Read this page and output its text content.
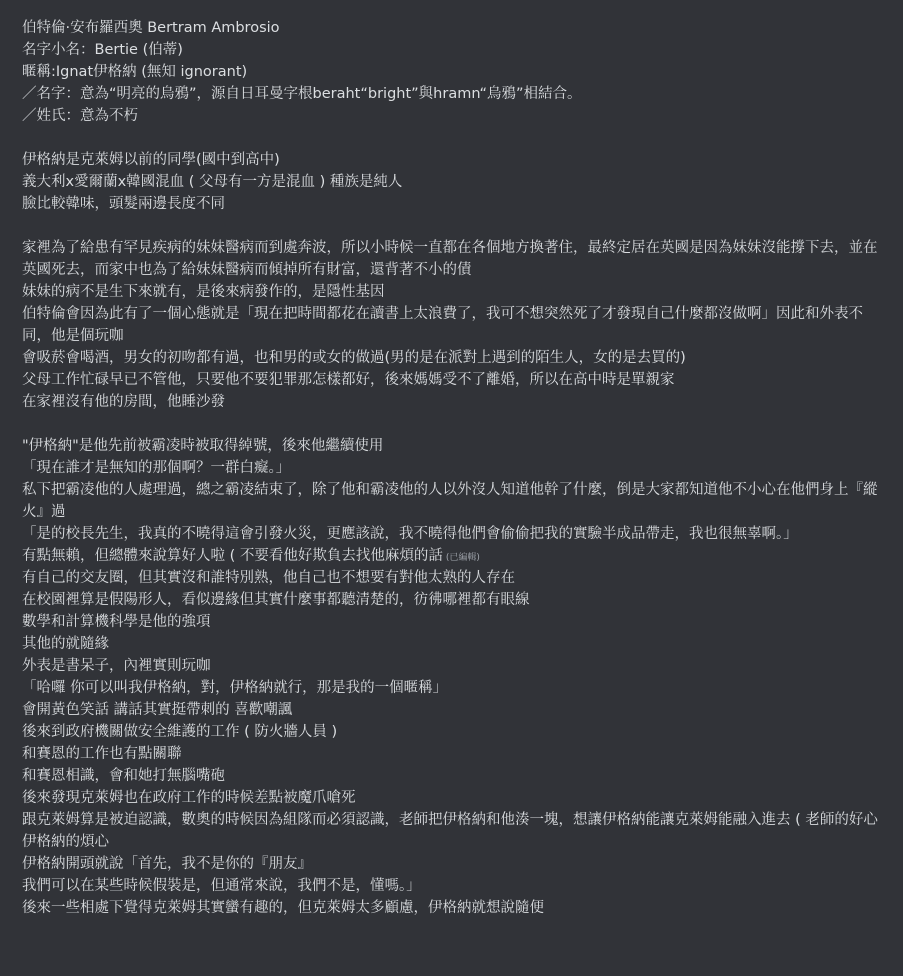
伯特倫·安布羅西奧 Bertram Ambrosio
名字小名：Bertie (伯蒂)
暱稱:Ignat伊格納 (無知 ignorant)
／名字：意為“明亮的烏鴉”，源自日耳曼字根beraht“bright”與hramn“烏鴉”相結合。
／姓氏：意為不朽
伊格納是克萊姆以前的同學(國中到高中)
義大利x愛爾蘭x韓國混血 ( 父母有一方是混血 ) 種族是純人
臉比較韓味，頭髮兩邊長度不同
家裡為了給患有罕見疾病的妹妹醫病而到處奔波，所以小時候一直都在各個地方換著住，最終定居在英國是因為妹妹沒能撐下去，並在英國死去，而家中也為了給妹妹醫病而傾掉所有財富，還背著不小的債
妹妹的病不是生下來就有，是後來病發作的，是隱性基因
伯特倫會因為此有了一個心態就是「現在把時間都花在讀書上太浪費了，我可不想突然死了才發現自己什麼都沒做啊」因此和外表不同，他是個玩咖
會吸菸會喝酒，男女的初吻都有過，也和男的或女的做過(男的是在派對上遇到的陌生人，女的是去買的)
父母工作忙碌早已不管他，只要他不要犯罪那怎樣都好，後來媽媽受不了離婚，所以在高中時是單親家
在家裡沒有他的房間，他睡沙發
"伊格納"是他先前被霸凌時被取得綽號，後來他繼續使用
「現在誰才是無知的那個啊？一群白癡。」
私下把霸凌他的人處理過，總之霸凌結束了，除了他和霸凌他的人以外沒人知道他幹了什麼，倒是大家都知道他不小心在他們身上『縱火』過
「是的校長先生，我真的不曉得這會引發火災，更應該說，我不曉得他們會偷偷把我的實驗半成品帶走，我也很無辜啊。」
有點無賴，但總體來說算好人啦 ( 不要看他好欺負去找他麻煩的話 (已編輯)
有自己的交友圈，但其實沒和誰特別熟，他自己也不想要有對他太熟的人存在
在校園裡算是假陽形人，看似邊緣但其實什麼事都聽清楚的，彷彿哪裡都有眼線
數學和計算機科學是他的強項
其他的就隨緣
外表是書呆子，內裡實則玩咖
「哈囉 你可以叫我伊格納，對，伊格納就行，那是我的一個暱稱」
會開黃色笑話 講話其實挺帶刺的 喜歡嘲諷
後來到政府機關做安全維護的工作 ( 防火牆人員 )
和賽恩的工作也有點關聯
和賽恩相識，會和她打無腦嘴砲
後來發現克萊姆也在政府工作的時候差點被魔爪嗆死
跟克萊姆算是被迫認識，數奧的時候因為組隊而必須認識，老師把伊格納和他湊一塊，想讓伊格納能讓克萊姆能融入進去 ( 老師的好心 伊格納的煩心
伊格納開頭就說「首先，我不是你的『朋友』
我們可以在某些時候假裝是，但通常來說，我們不是，懂嗎。」
後來一些相處下覺得克萊姆其實蠻有趣的，但克萊姆太多顧慮，伊格納就想說隨便
